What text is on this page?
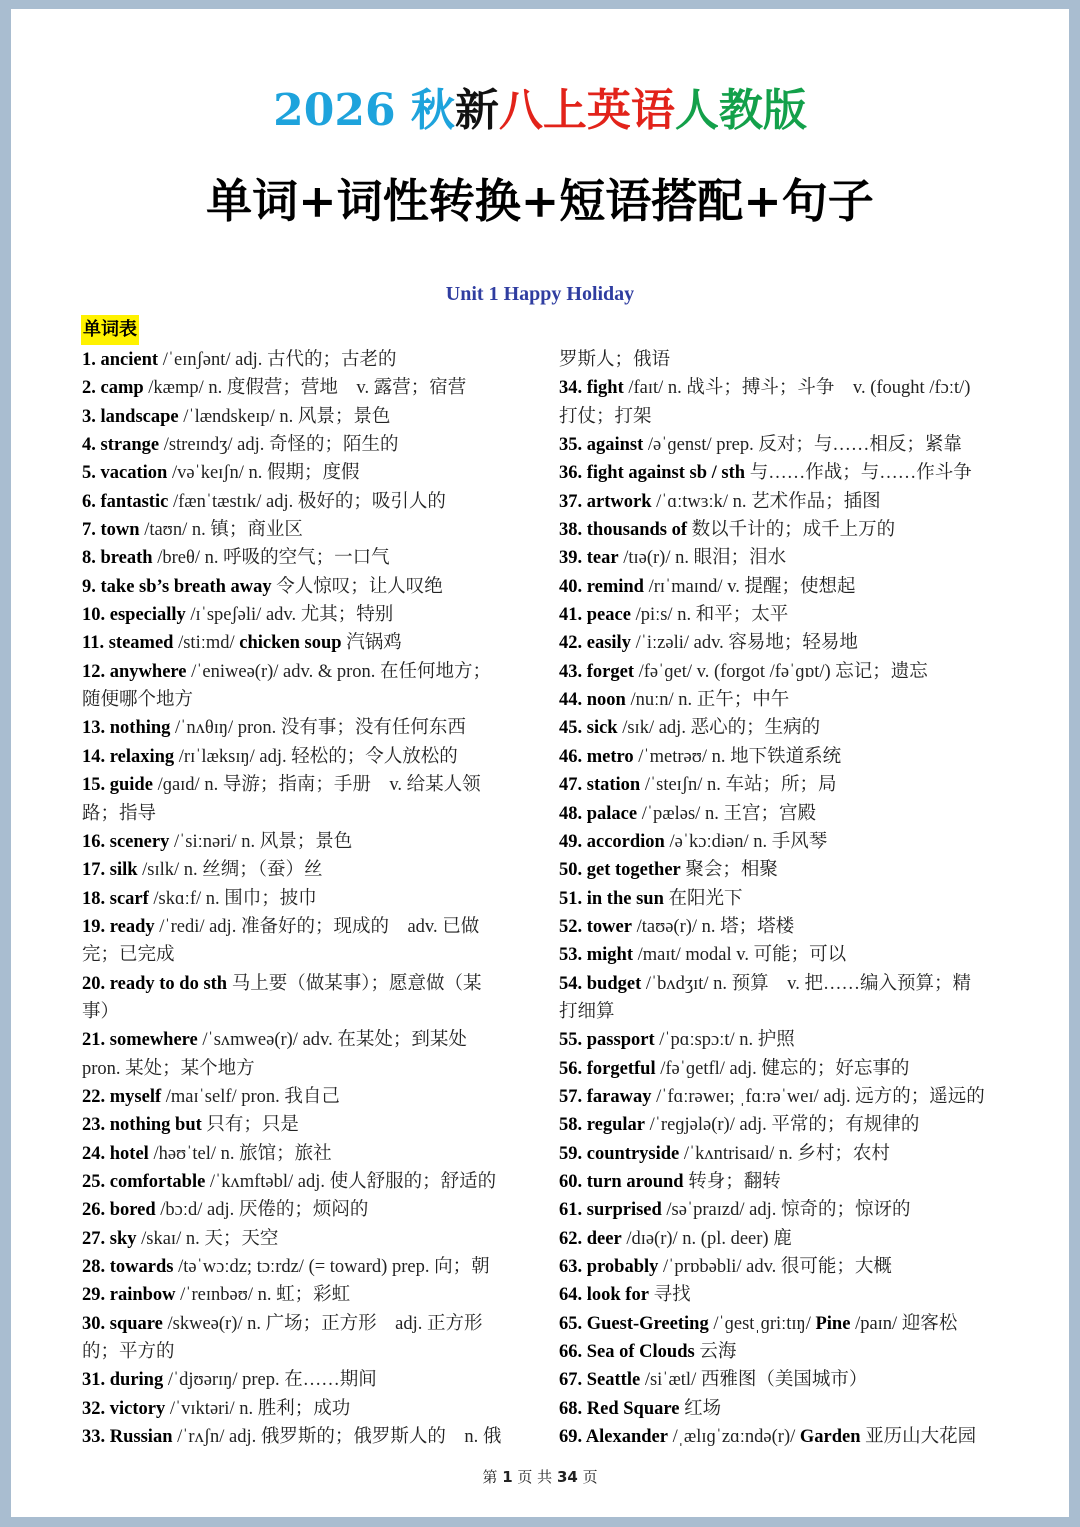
2026 秋新八上英语人教版
单词+词性转换+短语搭配+句子
Unit 1 Happy Holiday
单词表
1. ancient /ˈeɪnʃənt/ adj. 古代的；古老的
2. camp /kæmp/ n. 度假营；营地　v. 露营；宿营
3. landscape /ˈlændskeɪp/ n. 风景；景色
4. strange /streɪndʒ/ adj. 奇怪的；陌生的
5. vacation /vəˈkeɪʃn/ n. 假期；度假
6. fantastic /fænˈtæstɪk/ adj. 极好的；吸引人的
7. town /taʊn/ n. 镇；商业区
8. breath /breθ/ n. 呼吸的空气；一口气
9. take sb’s breath away 令人惊叹；让人叹绝
10. especially /ɪˈspeʃəli/ adv. 尤其；特别
11. steamed /stiːmd/ chicken soup 汽锅鸡
12. anywhere /ˈeniweə(r)/ adv. & pron. 在任何地方；
随便哪个地方
13. nothing /ˈnʌθɪŋ/ pron. 没有事；没有任何东西
14. relaxing /rɪˈlæksɪŋ/ adj. 轻松的；令人放松的
15. guide /ɡaɪd/ n. 导游；指南；手册　v. 给某人领
路；指导
16. scenery /ˈsiːnəri/ n. 风景；景色
17. silk /sɪlk/ n. 丝绸；（蚕）丝
18. scarf /skɑːf/ n. 围巾；披巾
19. ready /ˈredi/ adj. 准备好的；现成的　adv. 已做
完；已完成
20. ready to do sth 马上要（做某事）；愿意做（某
事）
21. somewhere /ˈsʌmweə(r)/ adv. 在某处；到某处
pron. 某处；某个地方
22. myself /maɪˈself/ pron. 我自己
23. nothing but 只有；只是
24. hotel /həʊˈtel/ n. 旅馆；旅社
25. comfortable /ˈkʌmftəbl/ adj. 使人舒服的；舒适的
26. bored /bɔːd/ adj. 厌倦的；烦闷的
27. sky /skaɪ/ n. 天；天空
28. towards /təˈwɔːdz; tɔːrdz/ (= toward) prep. 向；朝
29. rainbow /ˈreɪnbəʊ/ n. 虹；彩虹
30. square /skweə(r)/ n. 广场；正方形　adj. 正方形
的；平方的
31. during /ˈdjʊərɪŋ/ prep. 在……期间
32. victory /ˈvɪktəri/ n. 胜利；成功
33. Russian /ˈrʌʃn/ adj. 俄罗斯的；俄罗斯人的　n. 俄
罗斯人；俄语
34. fight /faɪt/ n. 战斗；搏斗；斗争　v. (fought /fɔːt/)
打仗；打架
35. against /əˈɡenst/ prep. 反对；与……相反；紧靠
36. fight against sb / sth 与……作战；与……作斗争
37. artwork /ˈɑːtwɜːk/ n. 艺术作品；插图
38. thousands of 数以千计的；成千上万的
39. tear /tɪə(r)/ n. 眼泪；泪水
40. remind /rɪˈmaɪnd/ v. 提醒；使想起
41. peace /piːs/ n. 和平；太平
42. easily /ˈiːzəli/ adv. 容易地；轻易地
43. forget /fəˈɡet/ v. (forgot /fəˈɡɒt/) 忘记；遗忘
44. noon /nuːn/ n. 正午；中午
45. sick /sɪk/ adj. 恶心的；生病的
46. metro /ˈmetrəʊ/ n. 地下铁道系统
47. station /ˈsteɪʃn/ n. 车站；所；局
48. palace /ˈpæləs/ n. 王宫；宫殿
49. accordion /əˈkɔːdiən/ n. 手风琴
50. get together 聚会；相聚
51. in the sun 在阳光下
52. tower /taʊə(r)/ n. 塔；塔楼
53. might /maɪt/ modal v. 可能；可以
54. budget /ˈbʌdʒɪt/ n. 预算　v. 把……编入预算；精
打细算
55. passport /ˈpɑːspɔːt/ n. 护照
56. forgetful /fəˈɡetfl/ adj. 健忘的；好忘事的
57. faraway /ˈfɑːrəweɪ; ˌfɑːrəˈweɪ/ adj. 远方的；遥远的
58. regular /ˈreɡjələ(r)/ adj. 平常的；有规律的
59. countryside /ˈkʌntrisaɪd/ n. 乡村；农村
60. turn around 转身；翻转
61. surprised /səˈpraɪzd/ adj. 惊奇的；惊讶的
62. deer /dɪə(r)/ n. (pl. deer) 鹿
63. probably /ˈprɒbəbli/ adv. 很可能；大概
64. look for 寻找
65. Guest-Greeting /ˈɡestˌɡriːtɪŋ/ Pine /paɪn/ 迎客松
66. Sea of Clouds 云海
67. Seattle /siˈætl/ 西雅图（美国城市）
68. Red Square 红场
69. Alexander /ˌælɪɡˈzɑːndə(r)/ Garden 亚历山大花园
第 1 页 共 34 页
